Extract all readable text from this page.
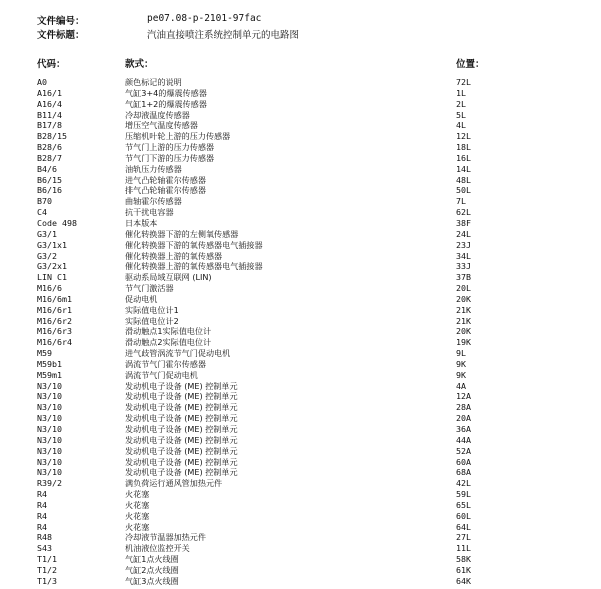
文件编号：	pe07.08-p-2101-97fac
文件标题：	汽油直接喷注系统控制单元的电路图
代码：	款式：	位置：
A0	颜色标记的说明	72L
A16/1	气缸3+4的爆震传感器	1L
A16/4	气缸1+2的爆震传感器	2L
B11/4	冷却液温度传感器	5L
B17/8	增压空气温度传感器	4L
B28/15	压缩机叶轮上游的压力传感器	12L
B28/6	节气门上游的压力传感器	18L
B28/7	节气门下游的压力传感器	16L
B4/6	油轨压力传感器	14L
B6/15	进气凸轮轴霍尔传感器	48L
B6/16	排气凸轮轴霍尔传感器	50L
B70	曲轴霍尔传感器	7L
C4	抗干扰电容器	62L
Code 498	日本版本	38F
G3/1	催化转换器下游的左侧氧传感器	24L
G3/1x1	催化转换器下游的氧传感器电气插接器	23J
G3/2	催化转换器上游的氧传感器	34L
G3/2x1	催化转换器上游的氧传感器电气插接器	33J
LIN C1	驱动系局域互联网 (LIN)	37B
M16/6	节气门激活器	20L
M16/6m1	促动电机	20K
M16/6r1	实际值电位计1	21K
M16/6r2	实际值电位计2	21K
M16/6r3	滑动触点1实际值电位计	20K
M16/6r4	滑动触点2实际值电位计	19K
M59	进气歧管涡流节气门促动电机	9L
M59b1	涡流节气门霍尔传感器	9K
M59m1	涡流节气门促动电机	9K
N3/10	发动机电子设备 (ME) 控制单元	4A
N3/10	发动机电子设备 (ME) 控制单元	12A
N3/10	发动机电子设备 (ME) 控制单元	28A
N3/10	发动机电子设备 (ME) 控制单元	20A
N3/10	发动机电子设备 (ME) 控制单元	36A
N3/10	发动机电子设备 (ME) 控制单元	44A
N3/10	发动机电子设备 (ME) 控制单元	52A
N3/10	发动机电子设备 (ME) 控制单元	60A
N3/10	发动机电子设备 (ME) 控制单元	68A
R39/2	满负荷运行通风管加热元件	42L
R4	火花塞	59L
R4	火花塞	65L
R4	火花塞	60L
R4	火花塞	64L
R48	冷却液节温器加热元件	27L
S43	机油液位监控开关	11L
T1/1	气缸1点火线圈	58K
T1/2	气缸2点火线圈	61K
T1/3	气缸3点火线圈	64K
